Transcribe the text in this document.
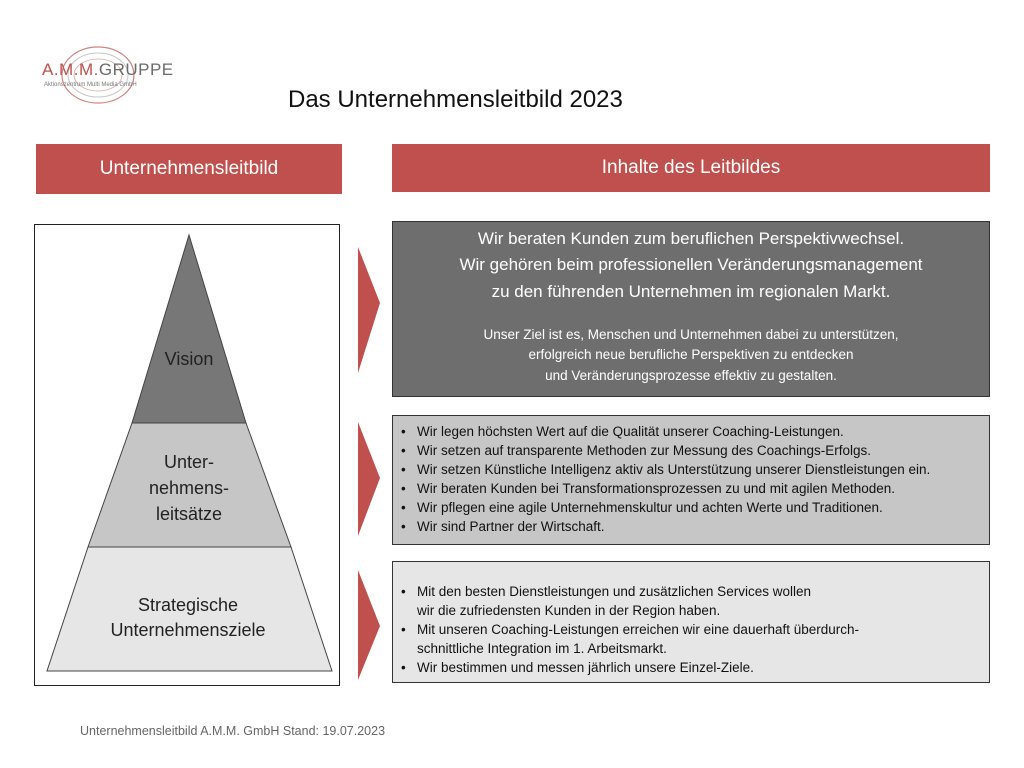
A.M.M.GRUPPE
Aktionszentrum Multi Media GmbH
Das Unternehmensleitbild 2023
Unternehmensleitbild	Inhalte des Leitbildes
Vision
Unter-
nehmens-
leitsätze
Strategische
Unternehmensziele
Wir beraten Kunden zum beruflichen Perspektivwechsel.
Wir gehören beim professionellen Veränderungsmanagement
zu den führenden Unternehmen im regionalen Markt.
Unser Ziel ist es, Menschen und Unternehmen dabei zu unterstützen,
erfolgreich neue berufliche Perspektiven zu entdecken
und Veränderungsprozesse effektiv zu gestalten.
• Wir legen höchsten Wert auf die Qualität unserer Coaching-Leistungen.
• Wir setzen auf transparente Methoden zur Messung des Coachings-Erfolgs.
• Wir setzen Künstliche Intelligenz aktiv als Unterstützung unserer Dienstleistungen ein.
• Wir beraten Kunden bei Transformationsprozessen zu und mit agilen Methoden.
• Wir pflegen eine agile Unternehmenskultur und achten Werte und Traditionen.
• Wir sind Partner der Wirtschaft.
• Mit den besten Dienstleistungen und zusätzlichen Services wollen
wir die zufriedensten Kunden in der Region haben.
• Mit unseren Coaching-Leistungen erreichen wir eine dauerhaft überdurch-
schnittliche Integration im 1. Arbeitsmarkt.
• Wir bestimmen und messen jährlich unsere Einzel-Ziele.
Unternehmensleitbild A.M.M. GmbH Stand: 19.07.2023
